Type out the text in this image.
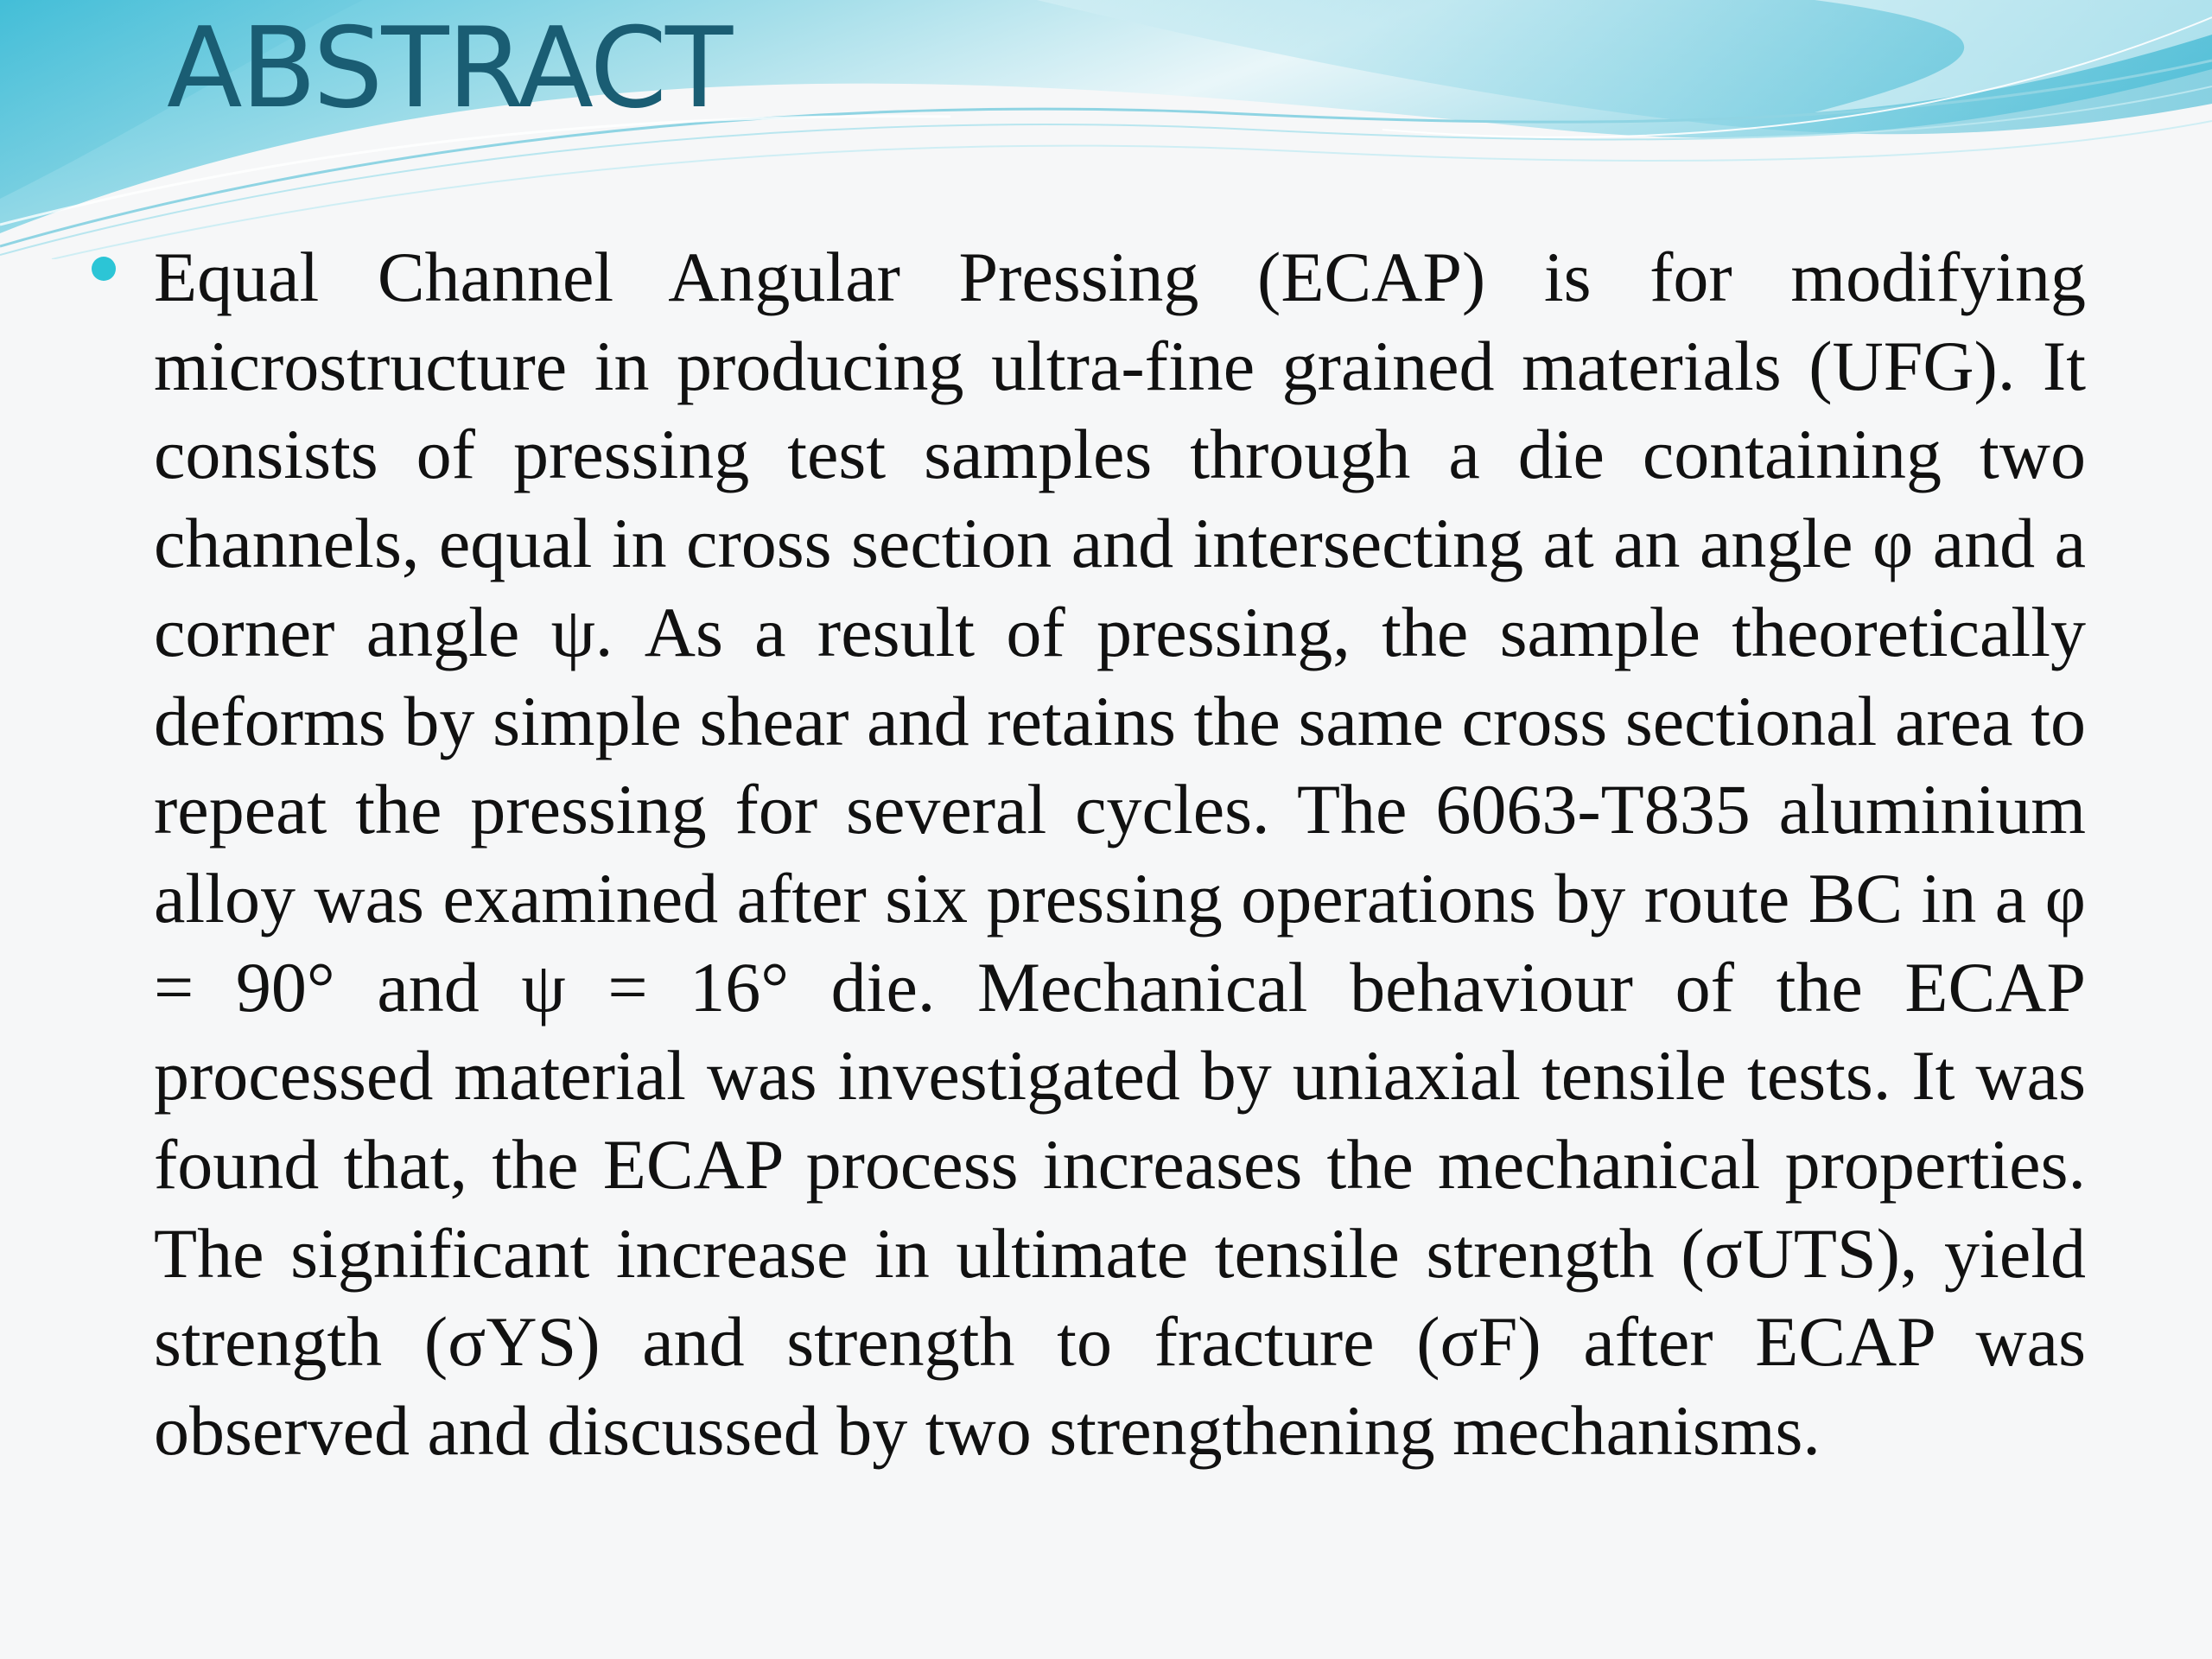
ABSTRACT

Equal Channel Angular Pressing (ECAP) is for modifying microstructure in producing ultra-fine grained materials (UFG). It consists of pressing test samples through a die containing two channels, equal in cross section and intersecting at an angle φ and a corner angle ψ. As a result of pressing, the sample theoretically deforms by simple shear and retains the same cross sectional area to repeat the pressing for several cycles. The 6063-T835 aluminium alloy was examined after six pressing operations by route BC in a φ = 90° and ψ = 16° die. Mechanical behaviour of the ECAP processed material was investigated by uniaxial tensile tests. It was found that, the ECAP process increases the mechanical properties. The significant increase in ultimate tensile strength (σUTS), yield strength (σYS) and strength to fracture (σF) after ECAP was observed and discussed by two strengthening mechanisms.
